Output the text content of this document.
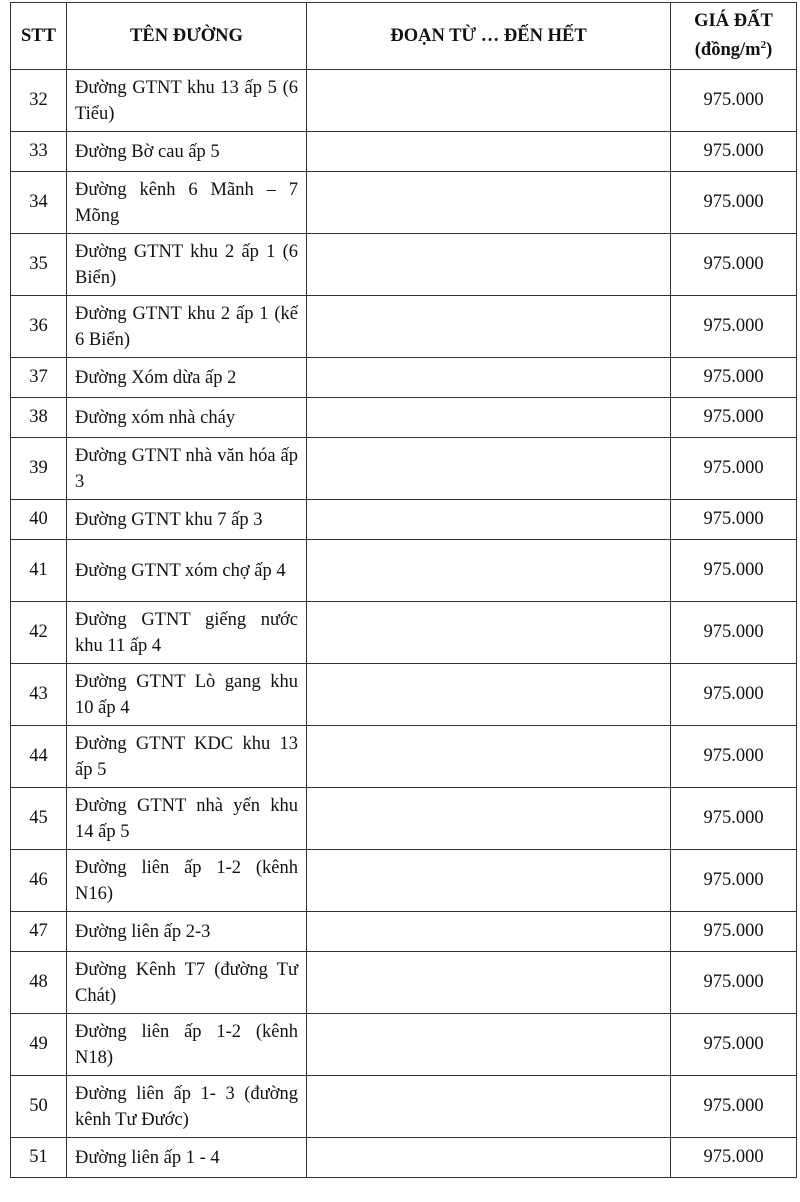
STT	TÊN ĐƯỜNG	ĐOẠN TỪ … ĐẾN HẾT	GIÁ ĐẤT
$(đồng/m^2)$
32	Đường GTNT khu 13 ấp 5 (6 Tiểu)		975.000
33	Đường Bờ cau ấp 5		975.000
34	Đường kênh 6 Mãnh – 7 Mõng		975.000
35	Đường GTNT khu 2 ấp 1 (6 Biển)		975.000
36	Đường GTNT khu 2 ấp 1 (kế 6 Biển)		975.000
37	Đường Xóm dừa ấp 2		975.000
38	Đường xóm nhà cháy		975.000
39	Đường GTNT nhà văn hóa ấp 3		975.000
40	Đường GTNT khu 7 ấp 3		975.000
41	Đường GTNT xóm chợ ấp 4		975.000
42	Đường GTNT giếng nước khu 11 ấp 4		975.000
43	Đường GTNT Lò gang khu 10 ấp 4		975.000
44	Đường GTNT KDC khu 13 ấp 5		975.000
45	Đường GTNT nhà yến khu 14 ấp 5		975.000
46	Đường liên ấp 1-2 (kênh N16)		975.000
47	Đường liên ấp 2-3		975.000
48	Đường Kênh T7 (đường Tư Chát)		975.000
49	Đường liên ấp 1-2 (kênh N18)		975.000
50	Đường liên ấp 1- 3 (đường kênh Tư Đước)		975.000
51	Đường liên ấp 1 - 4		975.000
